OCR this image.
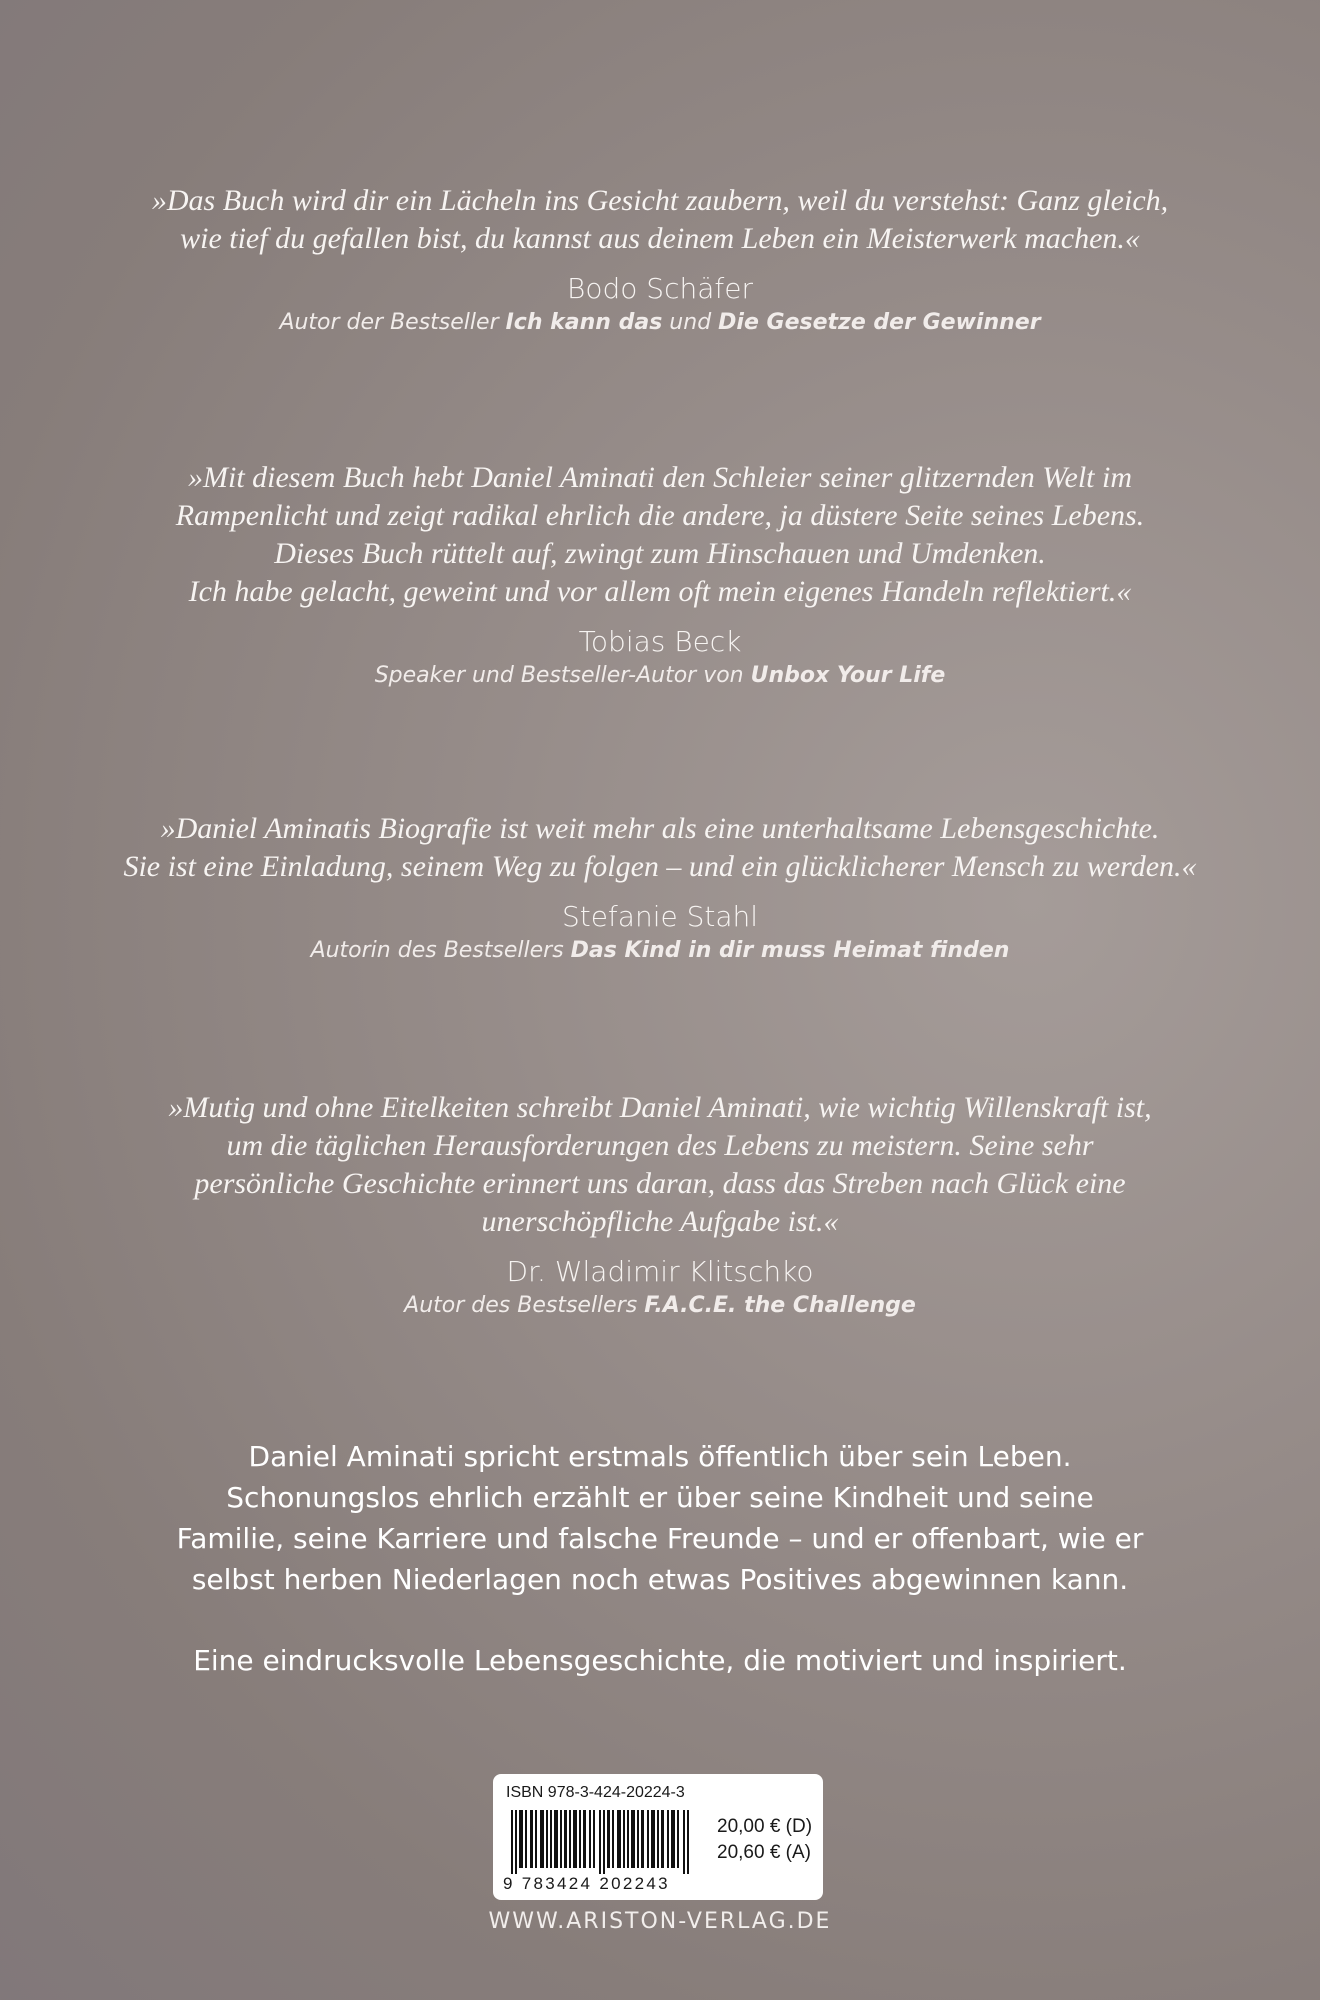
»Das Buch wird dir ein Lächeln ins Gesicht zaubern, weil du verstehst: Ganz gleich,
wie tief du gefallen bist, du kannst aus deinem Leben ein Meisterwerk machen.«
Bodo Schäfer
Autor der Bestseller Ich kann das und Die Gesetze der Gewinner
»Mit diesem Buch hebt Daniel Aminati den Schleier seiner glitzernden Welt im
Rampenlicht und zeigt radikal ehrlich die andere, ja düstere Seite seines Lebens.
Dieses Buch rüttelt auf, zwingt zum Hinschauen und Umdenken.
Ich habe gelacht, geweint und vor allem oft mein eigenes Handeln reflektiert.«
Tobias Beck
Speaker und Bestseller-Autor von Unbox Your Life
»Daniel Aminatis Biografie ist weit mehr als eine unterhaltsame Lebensgeschichte.
Sie ist eine Einladung, seinem Weg zu folgen – und ein glücklicherer Mensch zu werden.«
Stefanie Stahl
Autorin des Bestsellers Das Kind in dir muss Heimat finden
»Mutig und ohne Eitelkeiten schreibt Daniel Aminati, wie wichtig Willenskraft ist,
um die täglichen Herausforderungen des Lebens zu meistern. Seine sehr
persönliche Geschichte erinnert uns daran, dass das Streben nach Glück eine
unerschöpfliche Aufgabe ist.«
Dr. Wladimir Klitschko
Autor des Bestsellers F.A.C.E. the Challenge
Daniel Aminati spricht erstmals öffentlich über sein Leben.
Schonungslos ehrlich erzählt er über seine Kindheit und seine
Familie, seine Karriere und falsche Freunde – und er offenbart, wie er
selbst herben Niederlagen noch etwas Positives abgewinnen kann.
Eine eindrucksvolle Lebensgeschichte, die motiviert und inspiriert.
ISBN 978-3-424-20224-3
9 783424 202243
20,00 € (D)
20,60 € (A)
WWW.ARISTON-VERLAG.DE
